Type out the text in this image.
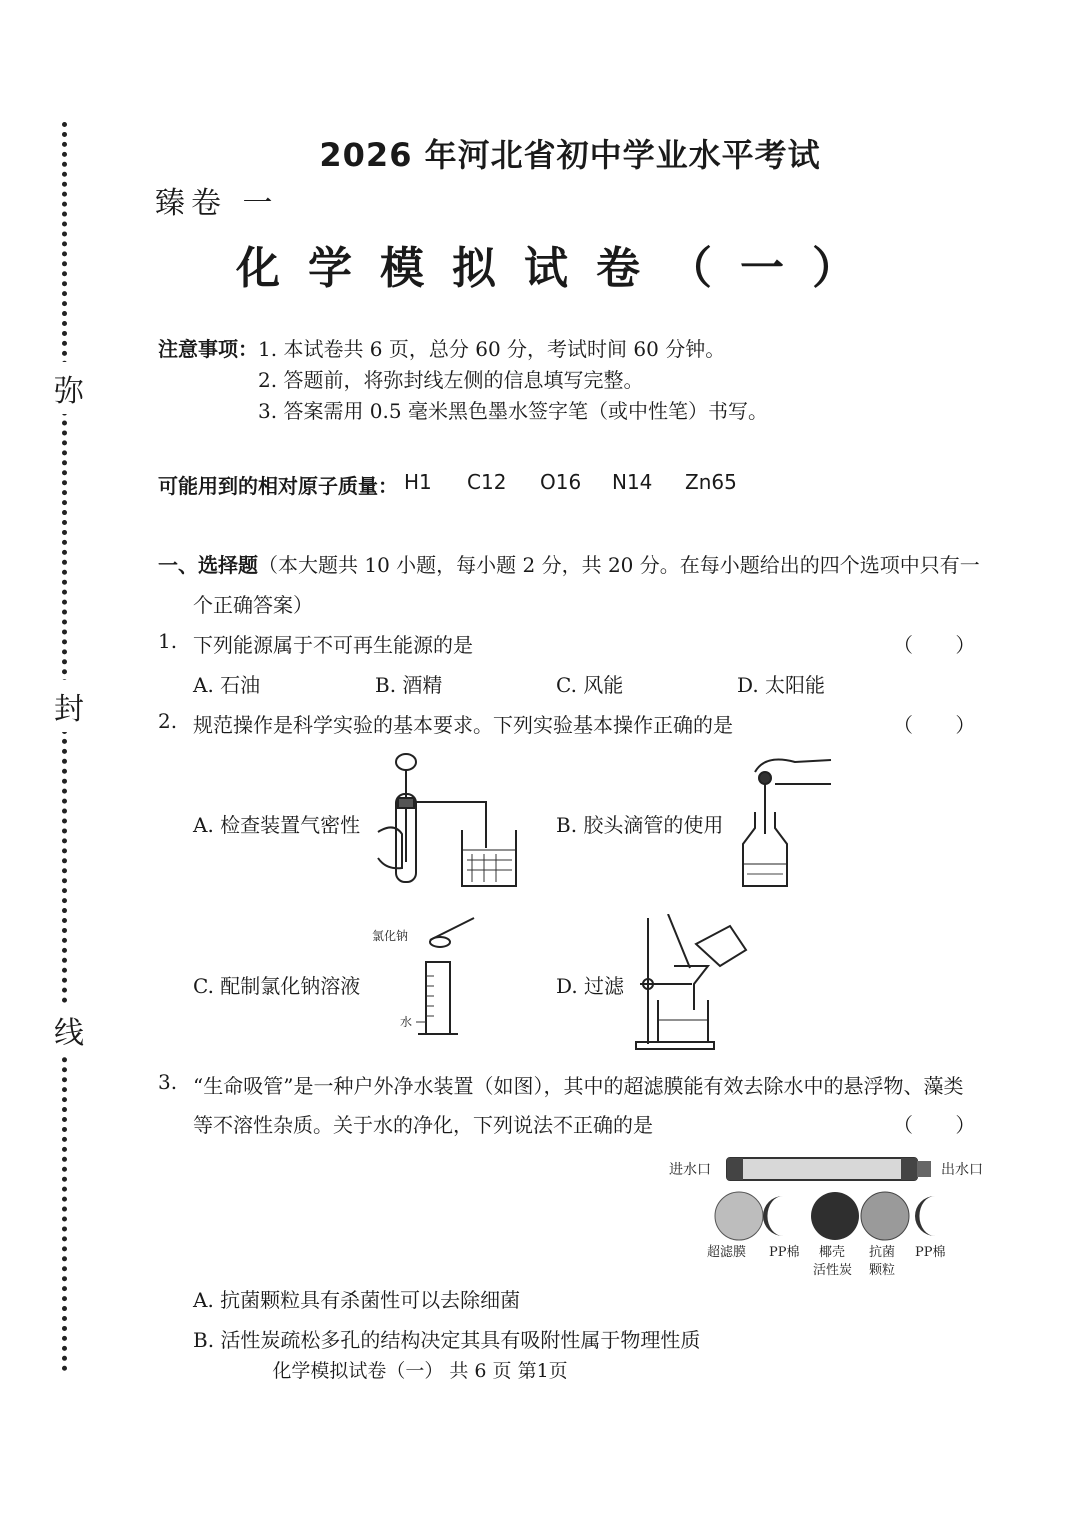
弥
封
线
2026 年河北省初中学业水平考试
臻卷 一
化学模拟试卷（一）
注意事项： 1. 本试卷共 6 页，总分 60 分，考试时间 60 分钟。
2. 答题前，将弥封线左侧的信息填写完整。
3. 答案需用 0.5 毫米黑色墨水签字笔（或中性笔）书写。
可能用到的相对原子质量： H1 C12 O16 N14 Zn65
一、选择题（本大题共 10 小题，每小题 2 分，共 20 分。在每小题给出的四个选项中只有一
个正确答案）
1. 下列能源属于不可再生能源的是	（ ）
A. 石油	B. 酒精	C. 风能	D. 太阳能
2. 规范操作是科学实验的基本要求。下列实验基本操作正确的是	（ ）
A. 检查装置气密性	B. 胶头滴管的使用
C. 配制氯化钠溶液	D. 过滤
氯化钠
水
3. “生命吸管”是一种户外净水装置（如图），其中的超滤膜能有效去除水中的悬浮物、藻类
等不溶性杂质。关于水的净化，下列说法不正确的是	（ ）
进水口	出水口
超滤膜 PP棉 椰壳 抗菌 PP棉
活性炭 颗粒
A. 抗菌颗粒具有杀菌性可以去除细菌
B. 活性炭疏松多孔的结构决定其具有吸附性属于物理性质
化学模拟试卷（一） 共 6 页 第1页
